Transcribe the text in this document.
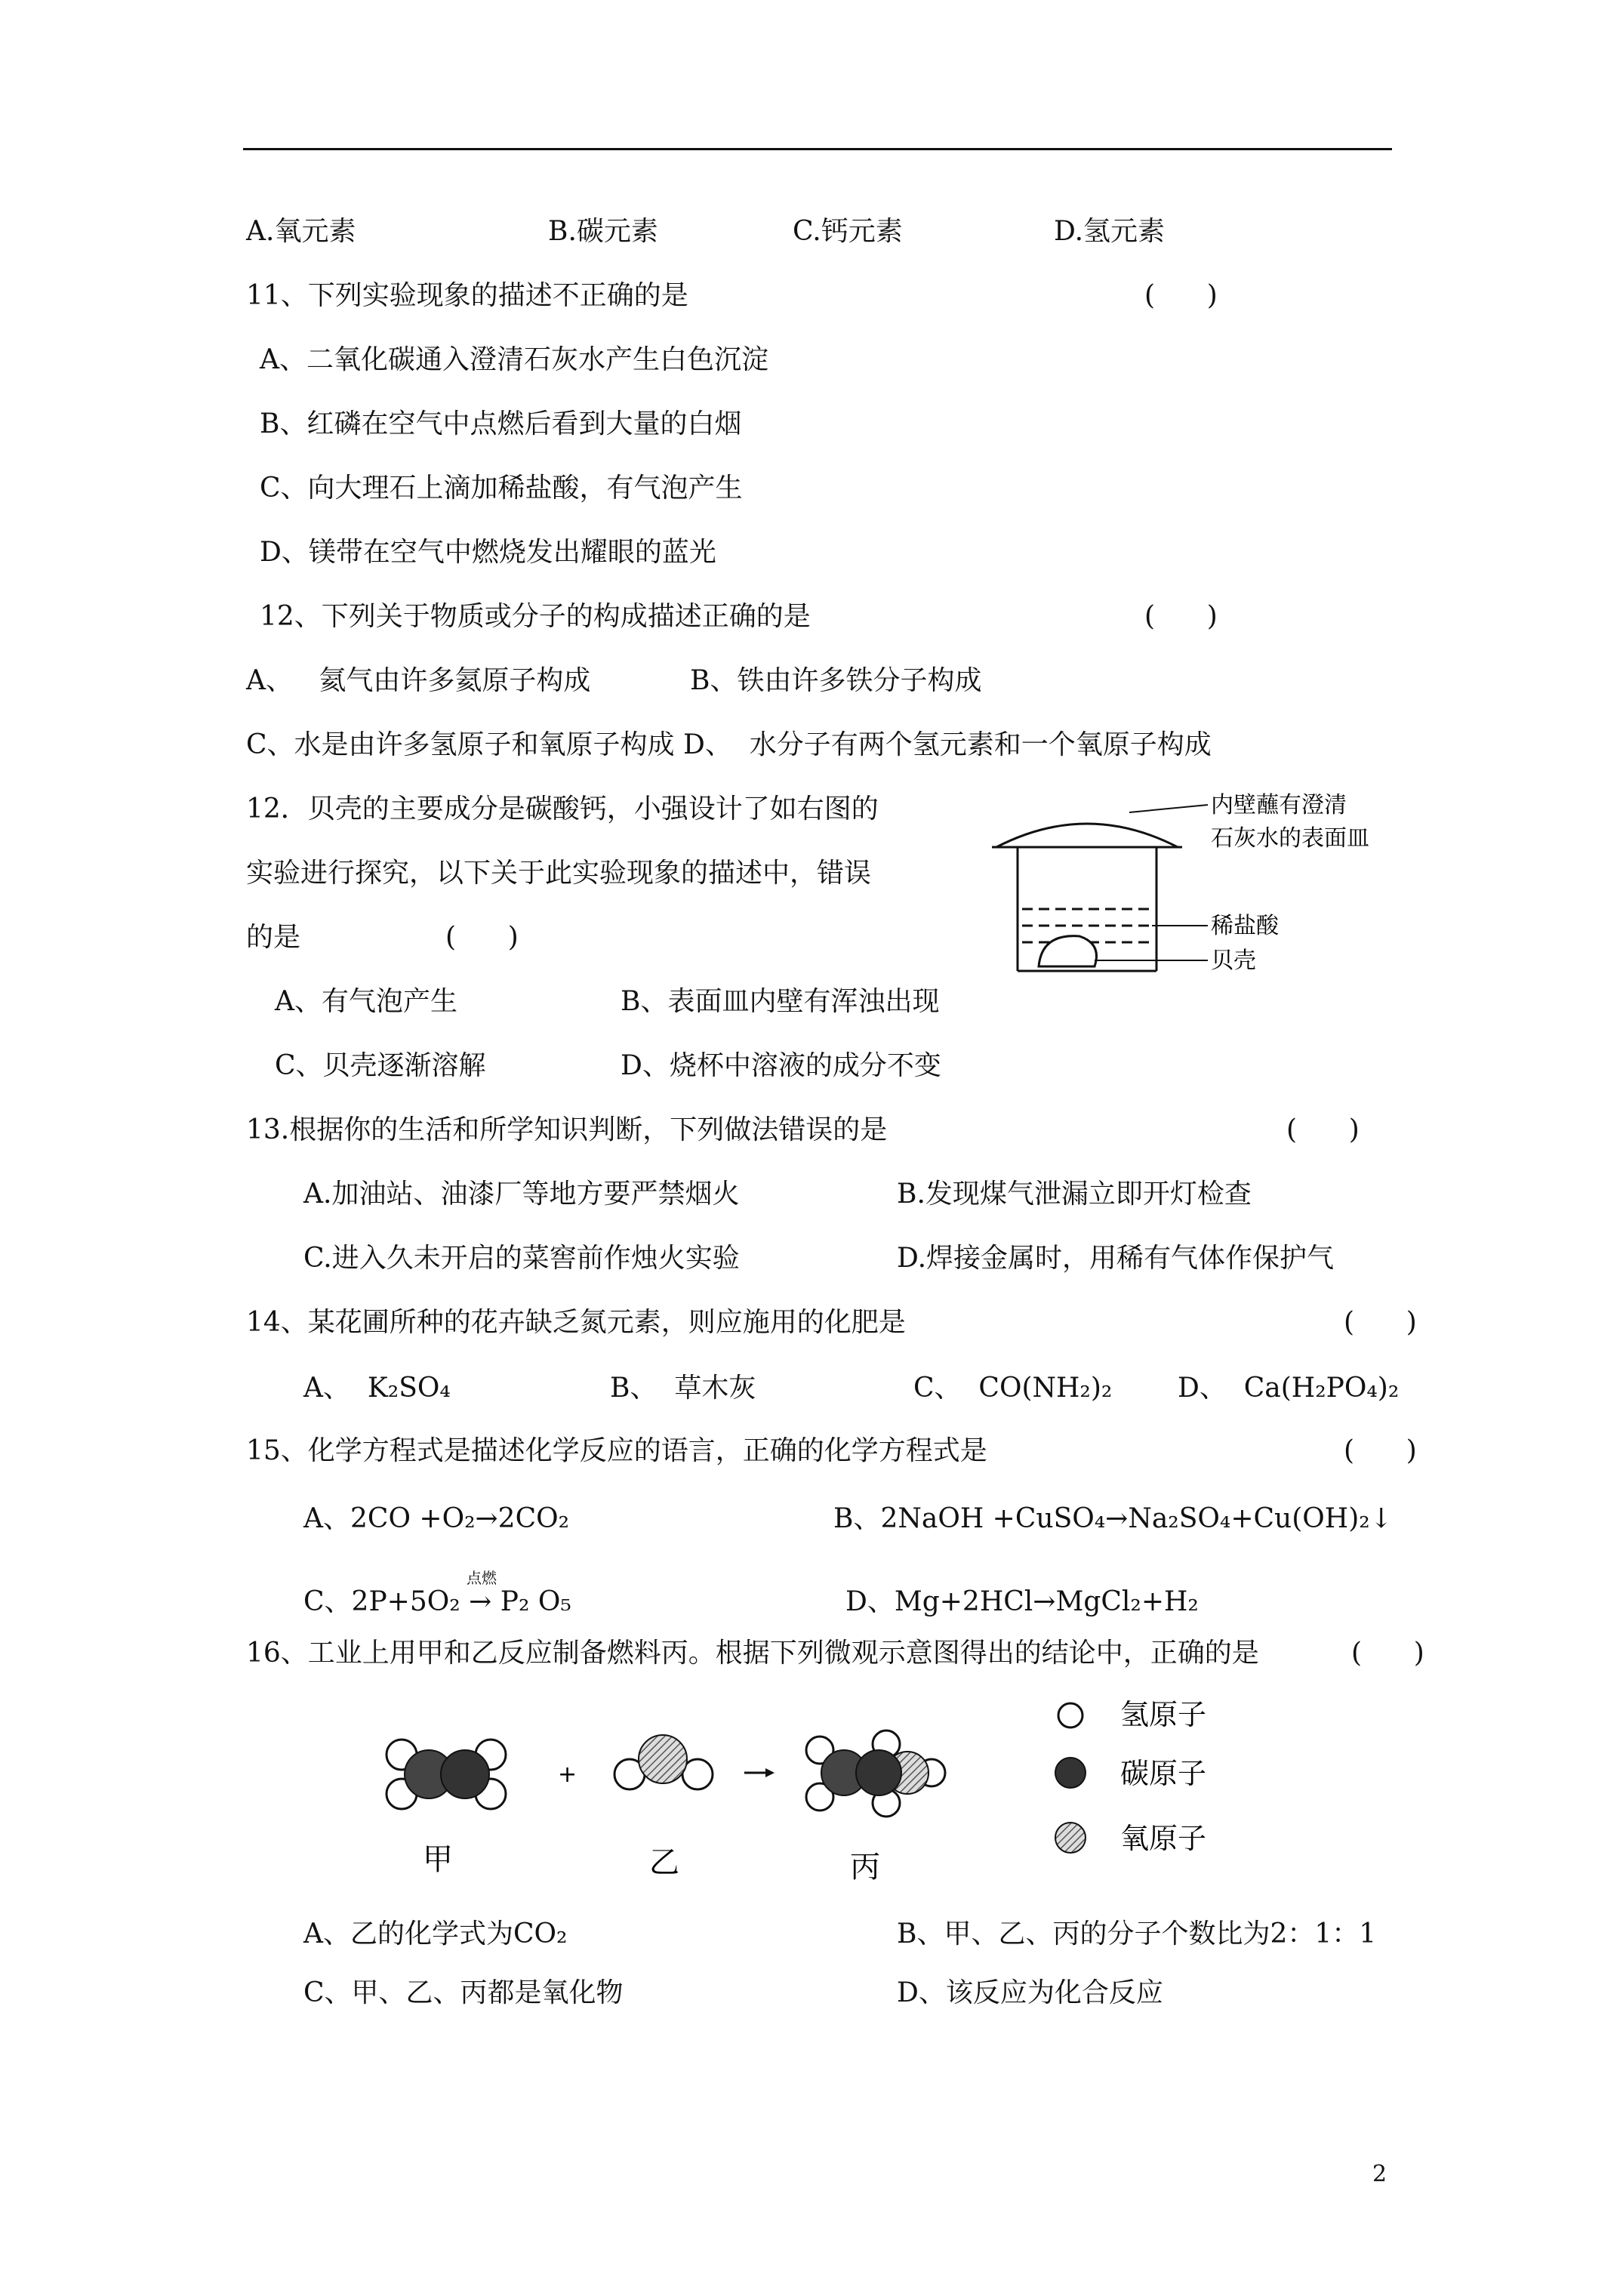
A.氧元素	B.碳元素	C.钙元素	D.氢元素
11、下列实验现象的描述不正确的是	(      )
A、二氧化碳通入澄清石灰水产生白色沉淀
B、红磷在空气中点燃后看到大量的白烟
C、向大理石上滴加稀盐酸，有气泡产生
D、镁带在空气中燃烧发出耀眼的蓝光
12、下列关于物质或分子的构成描述正确的是	(      )
A、   氦气由许多氦原子构成	B、铁由许多铁分子构成
C、水是由许多氢原子和氧原子构成 D、  水分子有两个氢元素和一个氧原子构成
12．贝壳的主要成分是碳酸钙，小强设计了如右图的
实验进行探究，以下关于此实验现象的描述中，错误
的是	(      )
A、有气泡产生	B、表面皿内壁有浑浊出现
C、贝壳逐渐溶解	D、烧杯中溶液的成分不变
内壁蘸有澄清
石灰水的表面皿
稀盐酸
贝壳
13.根据你的生活和所学知识判断，下列做法错误的是	(      )
A.加油站、油漆厂等地方要严禁烟火	B.发现煤气泄漏立即开灯检查
C.进入久未开启的菜窖前作烛火实验	D.焊接金属时，用稀有气体作保护气
14、某花圃所种的花卉缺乏氮元素，则应施用的化肥是	(      )
A、  K₂SO₄	B、  草木灰	C、  CO(NH₂)₂ D、  Ca(H₂PO₄)₂
15、化学方程式是描述化学反应的语言，正确的化学方程式是	(      )
A、2CO +O₂→2CO₂	B、2NaOH +CuSO₄→Na₂SO₄+Cu(OH)₂↓
C、2P+5O₂ → P₂ O₅
点燃
D、Mg+2HCl→MgCl₂+H₂
16、工业上用甲和乙反应制备燃料丙。根据下列微观示意图得出的结论中，正确的是	(      )
+
甲	乙	丙
氢原子
碳原子
氧原子
A、乙的化学式为CO₂	B、甲、乙、丙的分子个数比为2：1：1
C、甲、乙、丙都是氧化物	D、该反应为化合反应
2
